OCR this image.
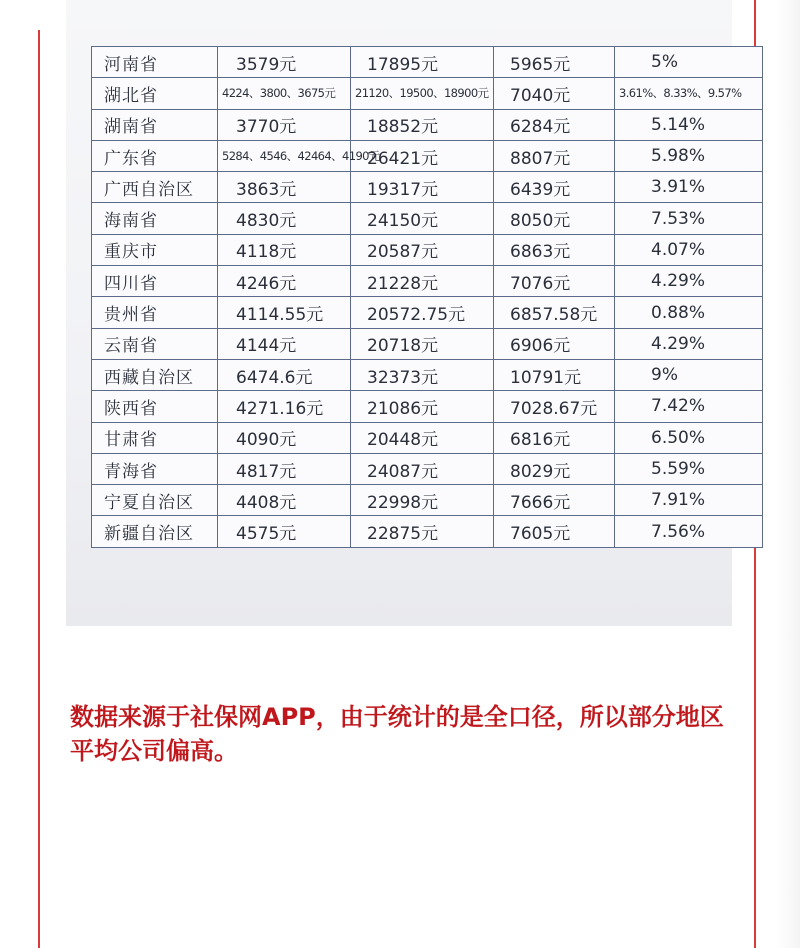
河南省	3579元	17895元	5965元	5%
湖北省	4224、3800、3675元	21120、19500、18900元	7040元	3.61%、8.33%、9.57%
湖南省	3770元	18852元	6284元	5.14%
广东省	5284、4546、42464、4190元	26421元	8807元	5.98%
广西自治区	3863元	19317元	6439元	3.91%
海南省	4830元	24150元	8050元	7.53%
重庆市	4118元	20587元	6863元	4.07%
四川省	4246元	21228元	7076元	4.29%
贵州省	4114.55元	20572.75元	6857.58元	0.88%
云南省	4144元	20718元	6906元	4.29%
西藏自治区	6474.6元	32373元	10791元	9%
陕西省	4271.16元	21086元	7028.67元	7.42%
甘肃省	4090元	20448元	6816元	6.50%
青海省	4817元	24087元	8029元	5.59%
宁夏自治区	4408元	22998元	7666元	7.91%
新疆自治区	4575元	22875元	7605元	7.56%

数据来源于社保网APP，由于统计的是全口径，所以部分地区平均公司偏高。
